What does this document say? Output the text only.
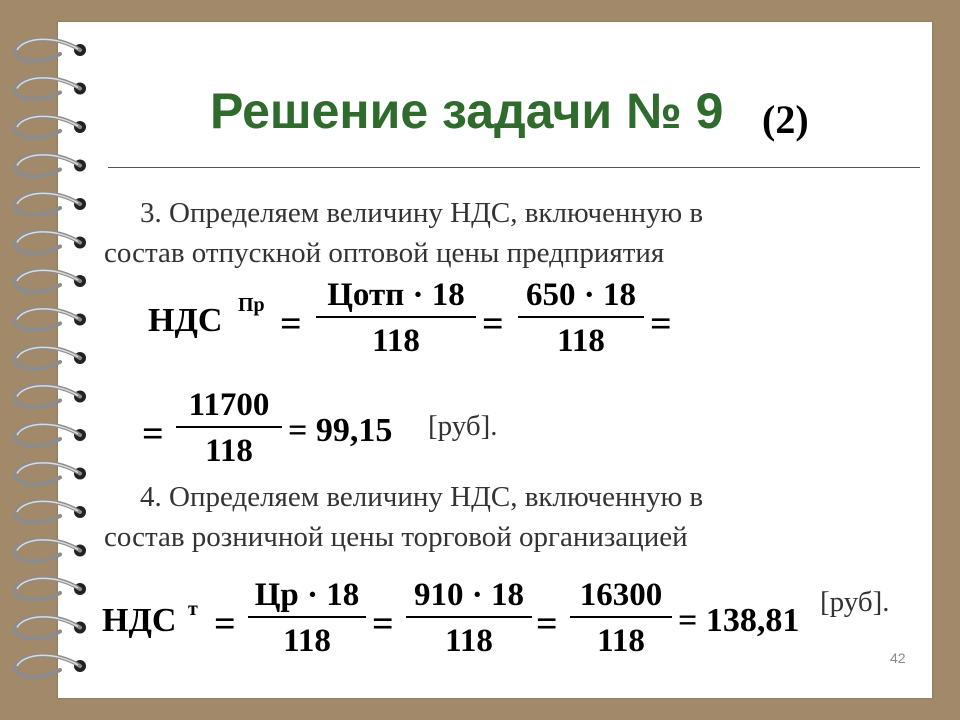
Решение задачи № 9 (2)
3. Определяем величину НДС, включенную в
состав отпускной оптовой цены предприятия
НДС Пр =
Цотп · 18
118	=
650 · 18
118	=
=
11700
118
= 99,15 [руб].
4. Определяем величину НДС, включенную в
состав розничной цены торговой организацией
НДС т =
Цр · 18
118	=
910 · 18
118	=
16300
118
= 138,81 [руб].
42
